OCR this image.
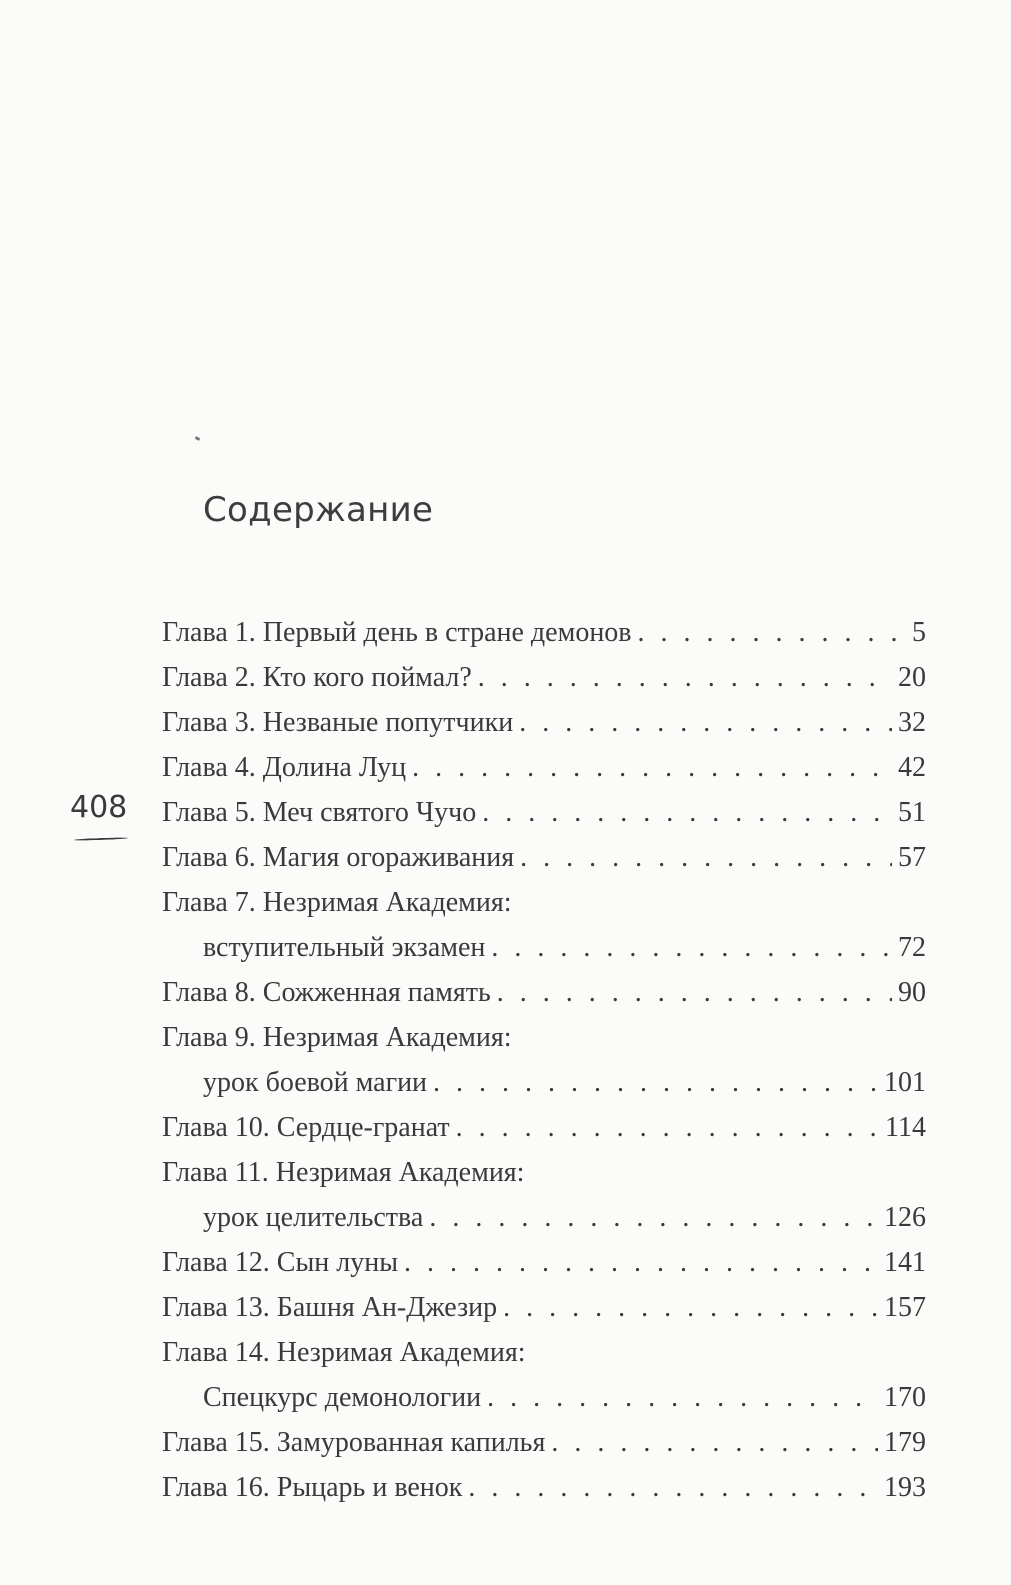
Содержание
408
Глава 1. Первый день в стране демонов . . .	5
Глава 2. Кто кого поймал? . . .	20
Глава 3. Незваные попутчики . . .	32
Глава 4. Долина Луц . . .	42
Глава 5. Меч святого Чучо . . .	51
Глава 6. Магия огораживания . . .	57
Глава 7. Незримая Академия:
вступительный экзамен . . .	72
Глава 8. Сожженная память . . .	90
Глава 9. Незримая Академия:
урок боевой магии . . .	101
Глава 10. Сердце-гранат . . .	114
Глава 11. Незримая Академия:
урок целительства . . .	126
Глава 12. Сын луны . . .	141
Глава 13. Башня Ан-Джезир . . .	157
Глава 14. Незримая Академия:
Спецкурс демонологии . . .	170
Глава 15. Замурованная капилья . . .	179
Глава 16. Рыцарь и венок . . .	193
